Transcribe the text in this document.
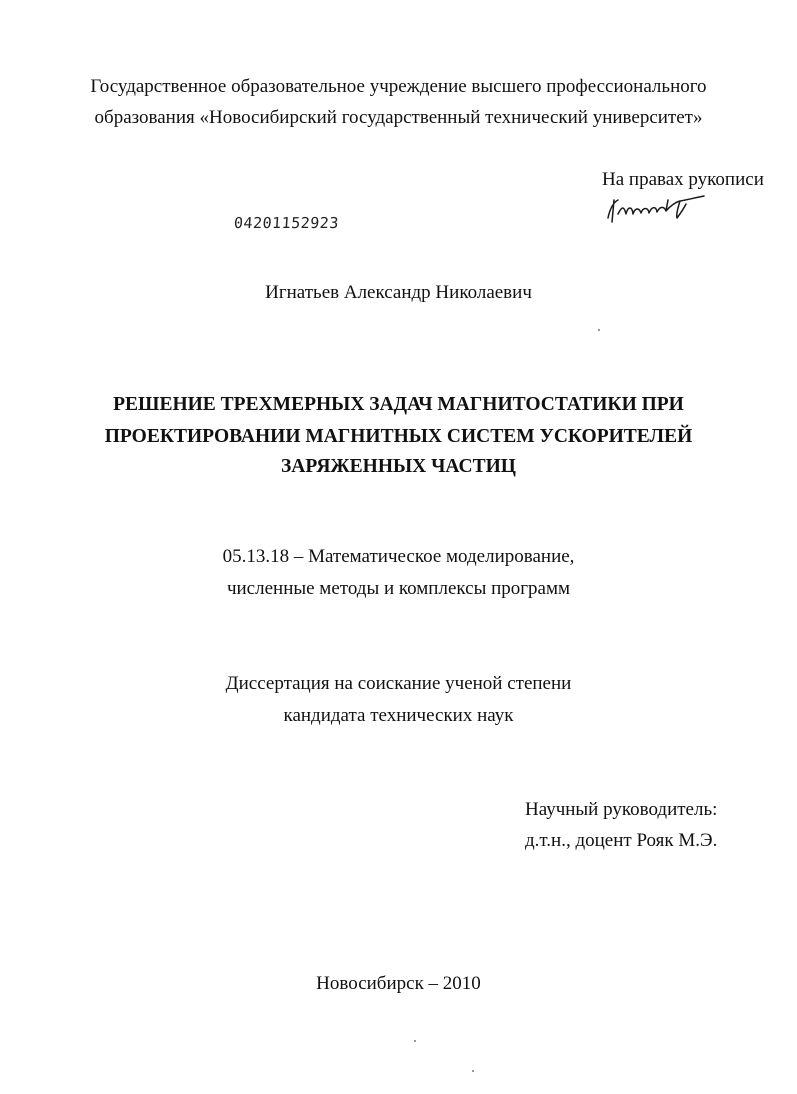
Государственное образовательное учреждение высшего профессионального
образования «Новосибирский государственный технический университет»
На правах рукописи
04201152923
Игнатьев Александр Николаевич
РЕШЕНИЕ ТРЕХМЕРНЫХ ЗАДАЧ МАГНИТОСТАТИКИ ПРИ
ПРОЕКТИРОВАНИИ МАГНИТНЫХ СИСТЕМ УСКОРИТЕЛЕЙ
ЗАРЯЖЕННЫХ ЧАСТИЦ
05.13.18 – Математическое моделирование,
численные методы и комплексы программ
Диссертация на соискание ученой степени
кандидата технических наук
Научный руководитель:
д.т.н., доцент Рояк М.Э.
Новосибирск – 2010
